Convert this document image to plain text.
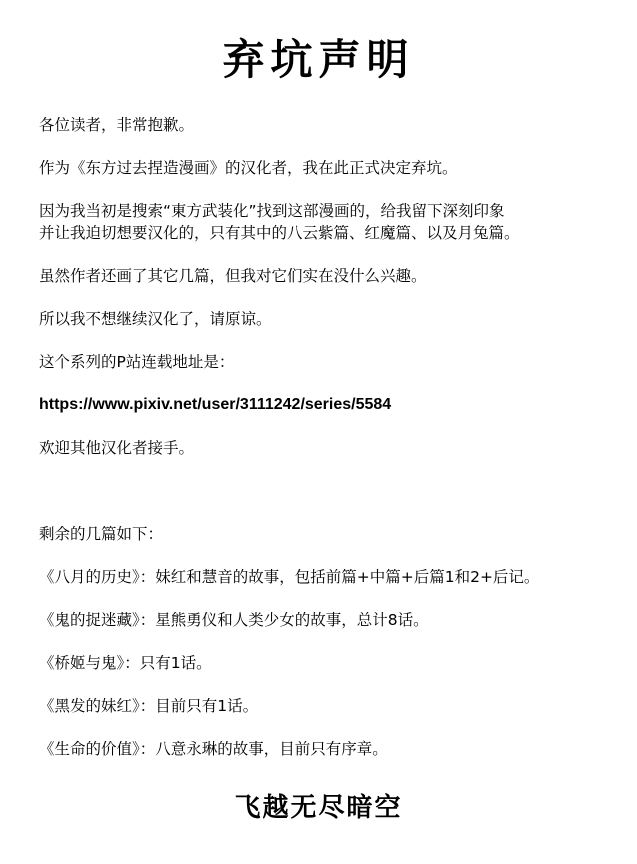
弃坑声明

各位读者，非常抱歉。

作为《东方过去捏造漫画》的汉化者，我在此正式决定弃坑。

因为我当初是搜索“東方武装化”找到这部漫画的，给我留下深刻印象

并让我迫切想要汉化的，只有其中的八云紫篇、红魔篇、以及月兔篇。

虽然作者还画了其它几篇，但我对它们实在没什么兴趣。

所以我不想继续汉化了，请原谅。

这个系列的P站连载地址是：

https://www.pixiv.net/user/3111242/series/5584

欢迎其他汉化者接手。

剩余的几篇如下：

《八月的历史》：妹红和慧音的故事，包括前篇+中篇+后篇1和2+后记。

《鬼的捉迷藏》：星熊勇仪和人类少女的故事，总计8话。

《桥姬与鬼》：只有1话。

《黑发的妹红》：目前只有1话。

《生命的价值》：八意永琳的故事，目前只有序章。

飞越无尽暗空
